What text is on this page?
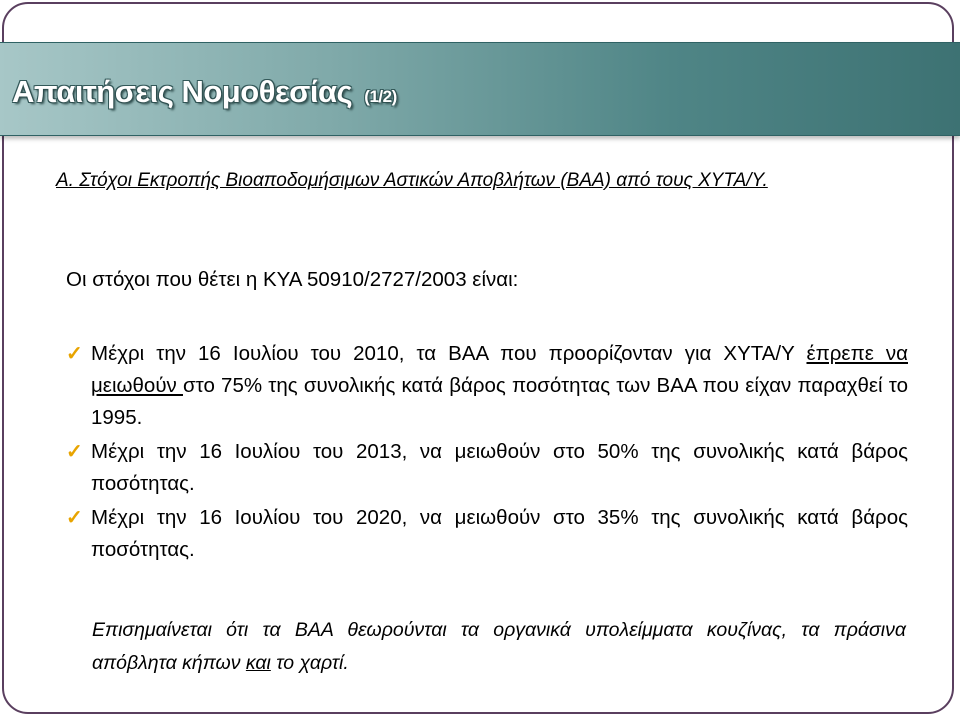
Απαιτήσεις Νομοθεσίας (1/2)
Α. Στόχοι Εκτροπής Βιοαποδομήσιμων Αστικών Αποβλήτων (ΒΑΑ) από τους ΧΥΤΑ/Υ.
Οι στόχοι που θέτει η ΚΥΑ 50910/2727/2003 είναι:
✓ Μέχρι την 16 Ιουλίου του 2010, τα ΒΑΑ που προορίζονταν για ΧΥΤΑ/Υ έπρεπε να μειωθούν στο 75% της συνολικής κατά βάρος ποσότητας των ΒΑΑ που είχαν παραχθεί το 1995.
✓ Μέχρι την 16 Ιουλίου του 2013, να μειωθούν στο 50% της συνολικής κατά βάρος ποσότητας.
✓ Μέχρι την 16 Ιουλίου του 2020, να μειωθούν στο 35% της συνολικής κατά βάρος ποσότητας.
Επισημαίνεται ότι τα ΒΑΑ θεωρούνται τα οργανικά υπολείμματα κουζίνας, τα πράσινα απόβλητα κήπων και το χαρτί.
